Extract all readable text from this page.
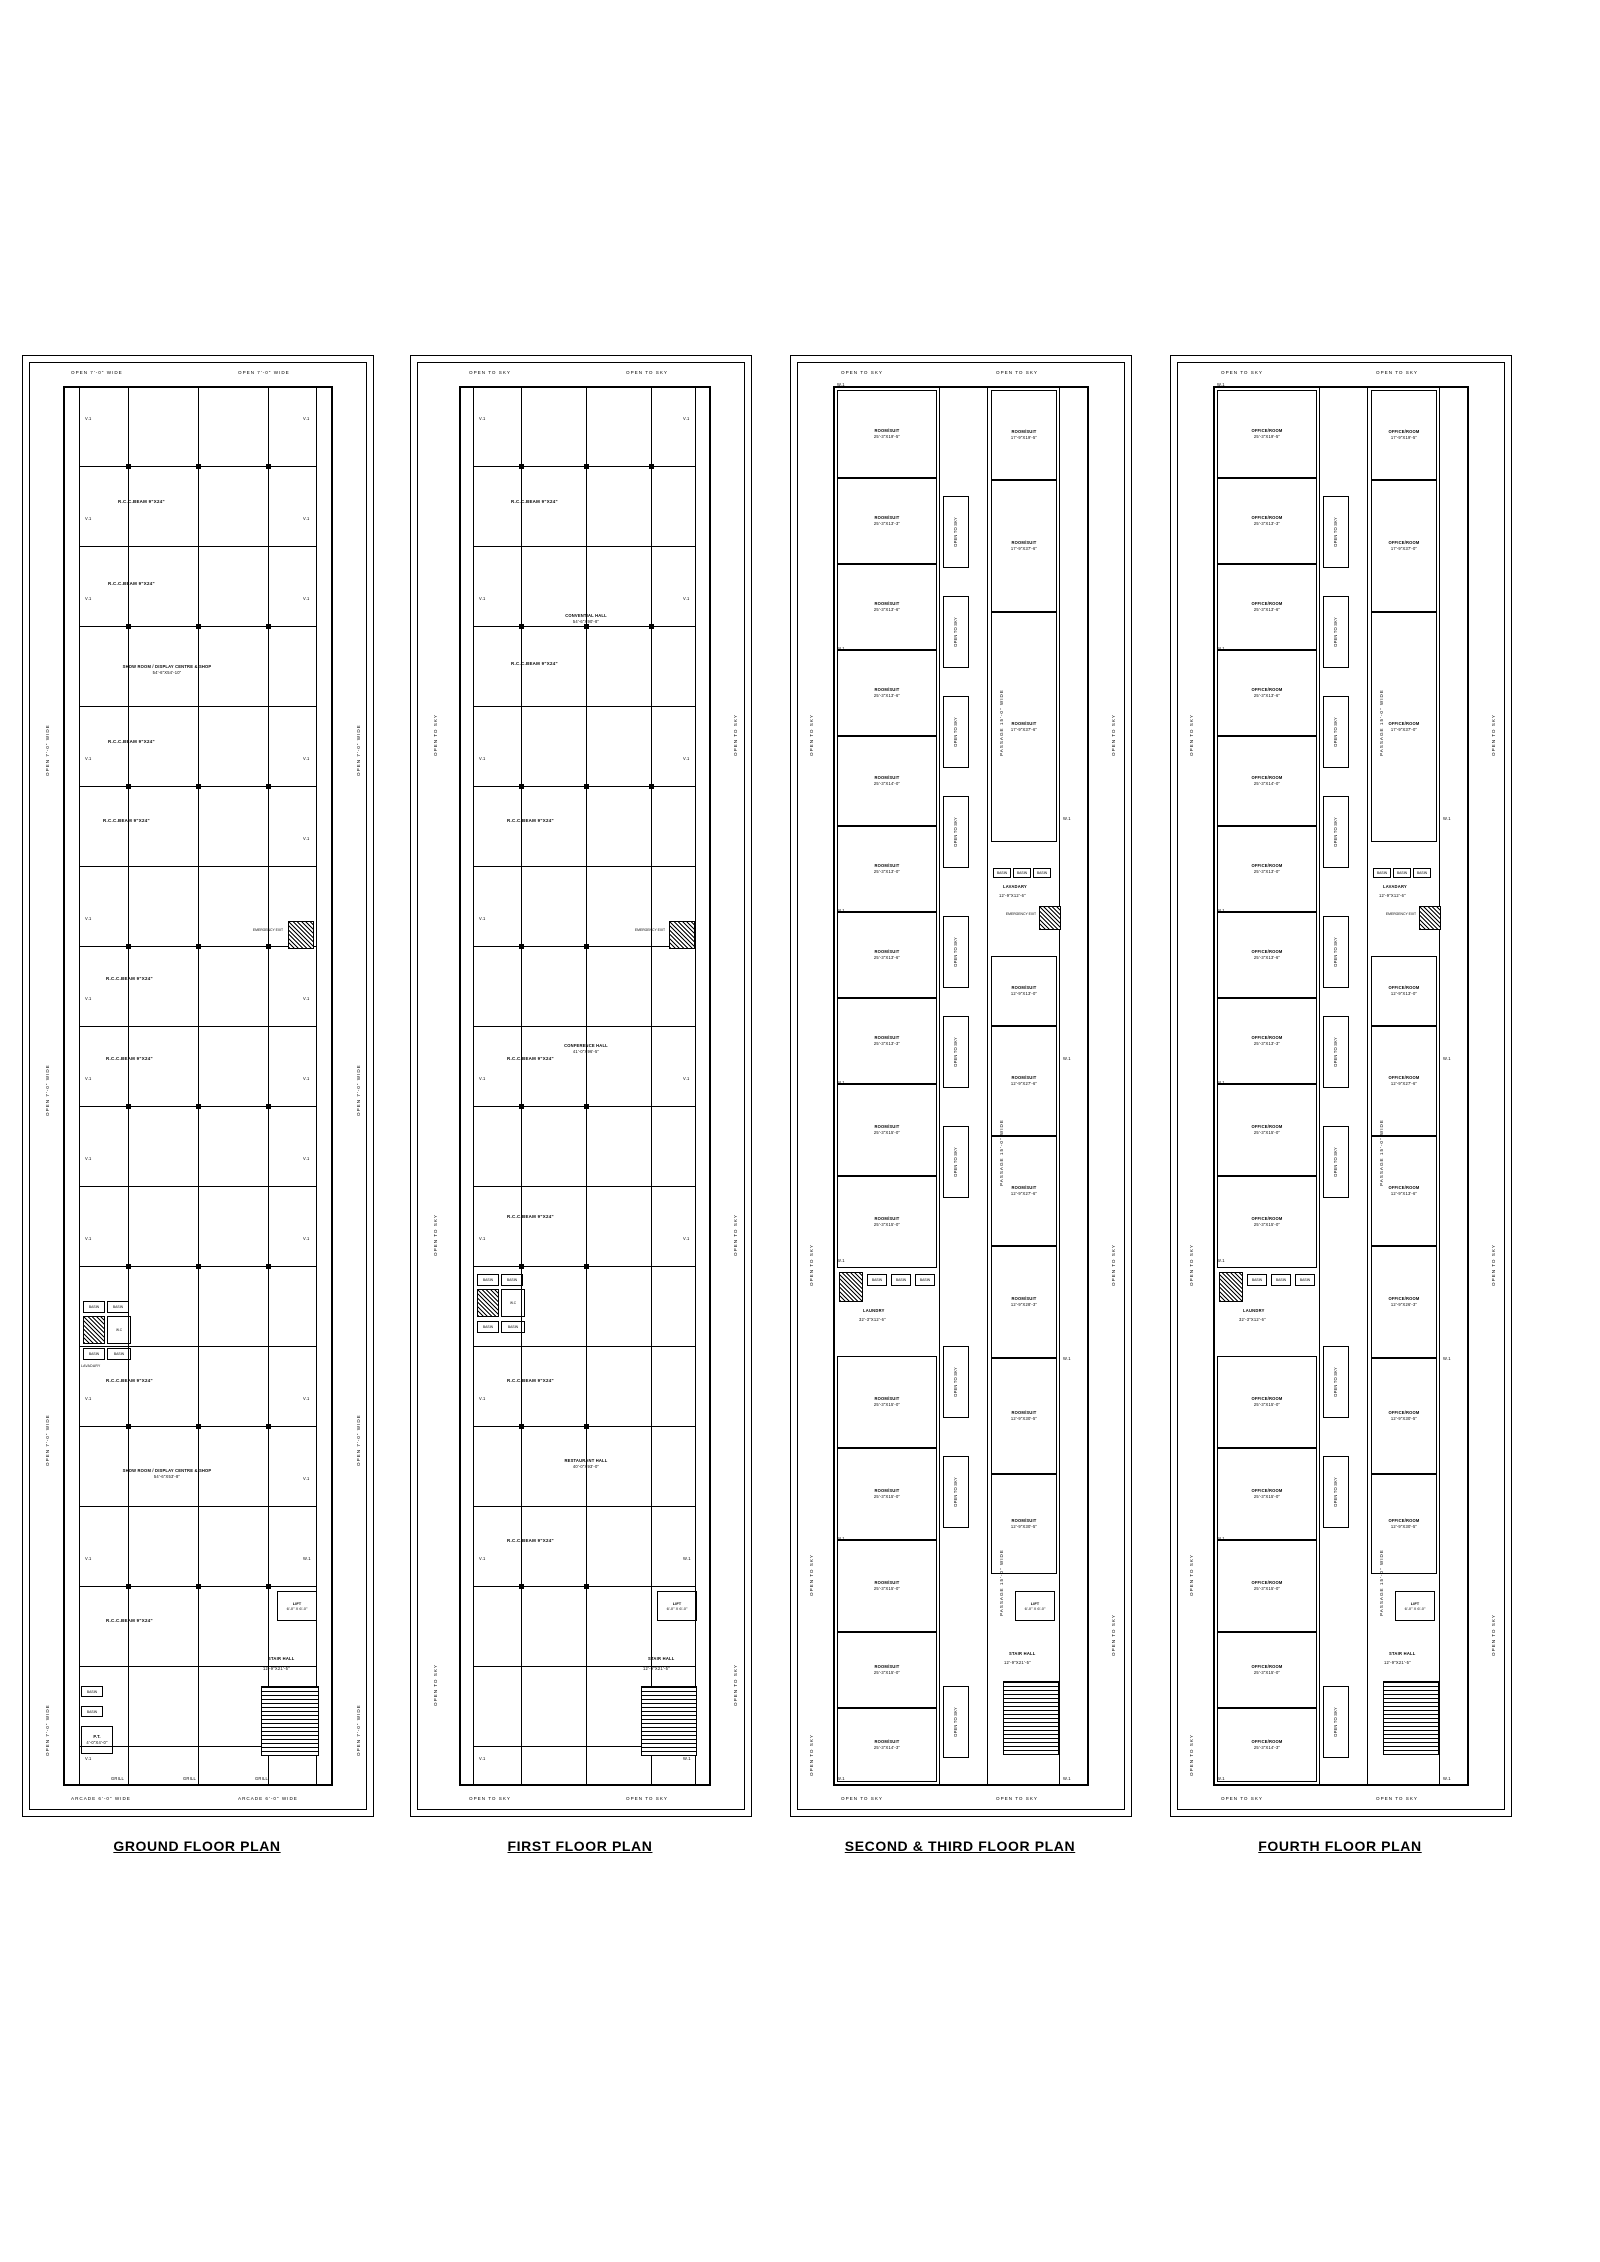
OPEN 7'-0" WIDE	OPEN 7'-0" WIDE
ARCADE 6'-0" WIDE	ARCADE 6'-0" WIDE
OPEN 7'-0" WIDE
OPEN 7'-0" WIDE
OPEN 7'-0" WIDE
OPEN 7'-0" WIDE
OPEN 7'-0" WIDE
OPEN 7'-0" WIDE
OPEN 7'-0" WIDE
OPEN 7'-0" WIDE
R.C.C.BEAM 9"X24"
R.C.C.BEAM 9"X24"
R.C.C.BEAM 9"X24"
R.C.C.BEAM 9"X24"
R.C.C.BEAM 9"X24"
R.C.C.BEAM 9"X24"
R.C.C.BEAM 9"X24"
R.C.C.BEAM 9"X24"
SHOW ROOM / DISPLAY CENTRE & SHOP
54'-6"X54'-10"
SHOW ROOM / DISPLAY CENTRE & SHOP
54'-6"X53'-8"
BASIN	BASIN
W.C
BASIN	BASIN
LAVADARY
EMERGENCY EXIT
LIFT
6'-0" X 6'-0"
STAIR HALL
12'-9"X21'-5"
BASIN
BASIN
P.T.
4'-0"X4'-0"
V.1
V.1
V.1
V.1
V.1
V.1
V.1
V.1
V.1
V.1
V.1
V.1
V.1
V.1
V.1
V.1
V.1
V.1
V.1
V.1
V.1
V.1
V.1
W.1
GRILL	GRILL	GRILL
GROUND FLOOR PLAN
OPEN TO SKY	OPEN TO SKY
OPEN TO SKY	OPEN TO SKY
OPEN TO SKY
OPEN TO SKY
OPEN TO SKY
OPEN TO SKY
OPEN TO SKY
OPEN TO SKY
R.C.C.BEAM 9"X24"
R.C.C.BEAM 9"X24"
R.C.C.BEAM 9"X24"
R.C.C.BEAM 9"X24"
R.C.C.BEAM 9"X24"
R.C.C.BEAM 9"X24"
R.C.C.BEAM 9"X24"
CONVENTIAL HALL
54'-6"X90'-8"
CONFERENCE HALL
41'-0"X96'-5"
RESTAURANT HALL
40'-0"X93'-0"
EMERGENCY EXIT
BASIN	BASIN
W.C
BASIN	BASIN
LIFT
6'-0" X 6'-0"
STAIR HALL
12'-9"X21'-5"
V.1
V.1
V.1
V.1
V.1
V.1
V.1
V.1
V.1
V.1
V.1
V.1
V.1
V.1
W.1
W.1
FIRST FLOOR PLAN
OPEN TO SKY	OPEN TO SKY
OPEN TO SKY	OPEN TO SKY
OPEN TO SKY
OPEN TO SKY
OPEN TO SKY
OPEN TO SKY
OPEN TO SKY
OPEN TO SKY
OPEN TO SKY
PASSAGE 15'-0" WIDE
PASSAGE 15'-0" WIDE
PASSAGE 15'-0" WIDE
ROOM/SUIT
25'-3"X19'-5"
ROOM/SUIT
25'-3"X13'-3"
ROOM/SUIT
25'-3"X13'-6"
ROOM/SUIT
25'-3"X13'-6"
ROOM/SUIT
25'-3"X14'-0"
ROOM/SUIT
25'-3"X13'-0"
ROOM/SUIT
25'-3"X13'-6"
ROOM/SUIT
25'-3"X13'-3"
ROOM/SUIT
25'-3"X15'-0"
ROOM/SUIT
25'-3"X15'-0"
ROOM/SUIT
25'-3"X15'-0"
ROOM/SUIT
25'-3"X15'-0"
ROOM/SUIT
25'-3"X15'-0"
ROOM/SUIT
25'-3"X15'-0"
ROOM/SUIT
25'-3"X14'-3"
BASIN	BASIN	BASIN
LAUNDRY
32'-3"X12'-6"
OPEN TO SKY
OPEN TO SKY
OPEN TO SKY
OPEN TO SKY
OPEN TO SKY
OPEN TO SKY
OPEN TO SKY
OPEN TO SKY
OPEN TO SKY
OPEN TO SKY
ROOM/SUIT
17'-9"X19'-5"
ROOM/SUIT
17'-9"X37'-6"
ROOM/SUIT
17'-9"X37'-6"
ROOM/SUIT
12'-9"X13'-0"
ROOM/SUIT
12'-9"X27'-6"
ROOM/SUIT
12'-9"X27'-6"
ROOM/SUIT
12'-9"X28'-3"
ROOM/SUIT
12'-9"X30'-5"
ROOM/SUIT
12'-9"X30'-5"
BASIN	BASIN	BASIN
LAVADARY
12'-9"X12'-6"
EMERGENCY EXIT
LIFT
6'-0" X 6'-0"
STAIR HALL
12'-9"X21'-5"
W.1
W.1
W.1
W.1
W.1
W.1
W.1
W.1
W.1
W.1
W.1
SECOND & THIRD FLOOR PLAN
OPEN TO SKY	OPEN TO SKY
OPEN TO SKY	OPEN TO SKY
OPEN TO SKY
OPEN TO SKY
OPEN TO SKY
OPEN TO SKY
OPEN TO SKY
OPEN TO SKY
OPEN TO SKY
PASSAGE 15'-0" WIDE
PASSAGE 15'-0" WIDE
PASSAGE 15'-0" WIDE
OFFICE/ROOM
25'-3"X19'-5"
OFFICE/ROOM
25'-3"X13'-3"
OFFICE/ROOM
25'-3"X13'-6"
OFFICE/ROOM
25'-3"X13'-6"
OFFICE/ROOM
25'-3"X14'-0"
OFFICE/ROOM
25'-3"X13'-0"
OFFICE/ROOM
25'-3"X13'-6"
OFFICE/ROOM
25'-3"X13'-3"
OFFICE/ROOM
25'-3"X15'-0"
OFFICE/ROOM
25'-3"X15'-0"
OFFICE/ROOM
25'-3"X15'-0"
OFFICE/ROOM
25'-3"X15'-0"
OFFICE/ROOM
25'-3"X15'-0"
OFFICE/ROOM
25'-3"X15'-0"
OFFICE/ROOM
25'-3"X14'-3"
BASIN	BASIN	BASIN
LAUNDRY
32'-3"X12'-6"
OPEN TO SKY
OPEN TO SKY
OPEN TO SKY
OPEN TO SKY
OPEN TO SKY
OPEN TO SKY
OPEN TO SKY
OPEN TO SKY
OPEN TO SKY
OPEN TO SKY
OFFICE/ROOM
17'-9"X19'-5"
OFFICE/ROOM
17'-9"X37'-0"
OFFICE/ROOM
17'-9"X37'-0"
OFFICE/ROOM
12'-9"X13'-0"
OFFICE/ROOM
12'-9"X27'-6"
OFFICE/ROOM
12'-9"X13'-6"
OFFICE/ROOM
12'-9"X26'-3"
OFFICE/ROOM
12'-9"X30'-5"
OFFICE/ROOM
12'-9"X30'-5"
BASIN	BASIN	BASIN
LAVADARY
12'-9"X12'-6"
EMERGENCY EXIT
LIFT
6'-0" X 6'-0"
STAIR HALL
12'-9"X21'-5"
W.1
W.1
W.1
W.1
W.1
W.1
W.1
W.1
W.1
W.1
W.1
FOURTH FLOOR PLAN
